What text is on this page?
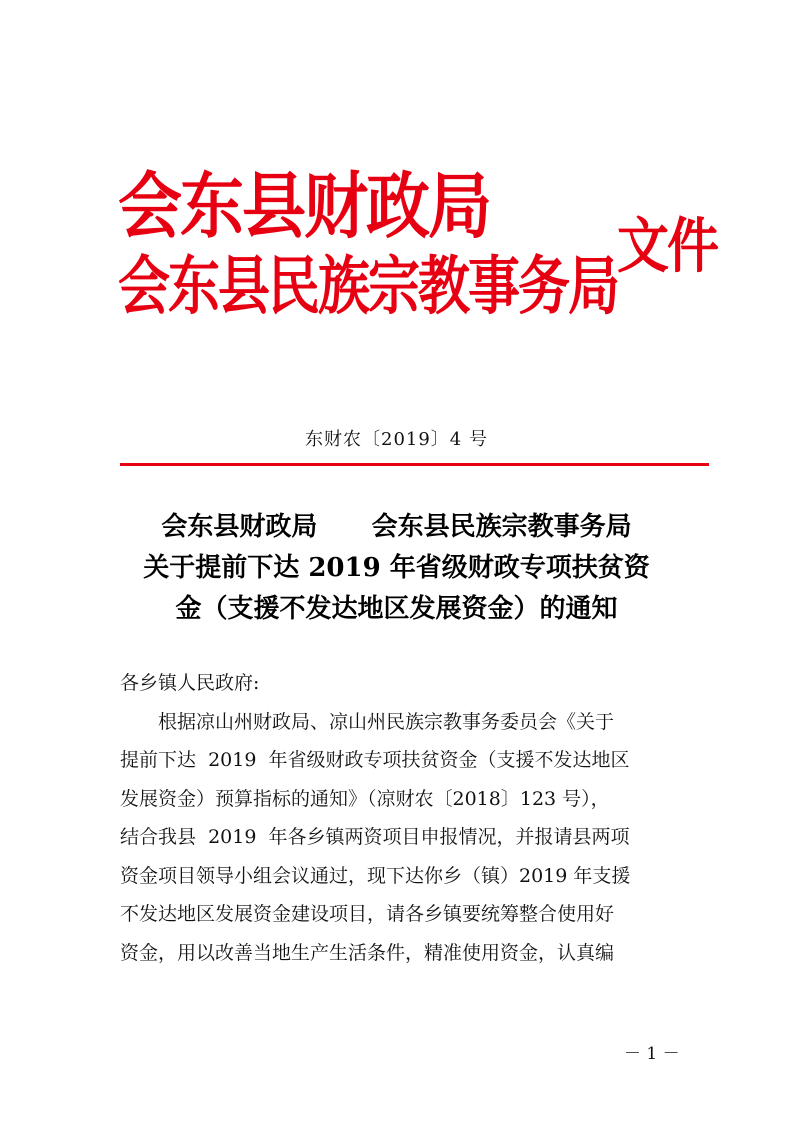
会东县财政局
会东县民族宗教事务局
文件
东财农〔2019〕4 号
会东县财政局      会东县民族宗教事务局
关于提前下达 2019 年省级财政专项扶贫资
金（支援不发达地区发展资金）的通知
各乡镇人民政府:
根据凉山州财政局、凉山州民族宗教事务委员会《关于
提前下达  2019  年省级财政专项扶贫资金（支援不发达地区
发展资金）预算指标的通知》（凉财农〔2018〕123 号），
结合我县  2019  年各乡镇两资项目申报情况，并报请县两项
资金项目领导小组会议通过，现下达你乡（镇）2019 年支援
不发达地区发展资金建设项目，请各乡镇要统筹整合使用好
资金，用以改善当地生产生活条件，精准使用资金，认真编
－ 1 －
